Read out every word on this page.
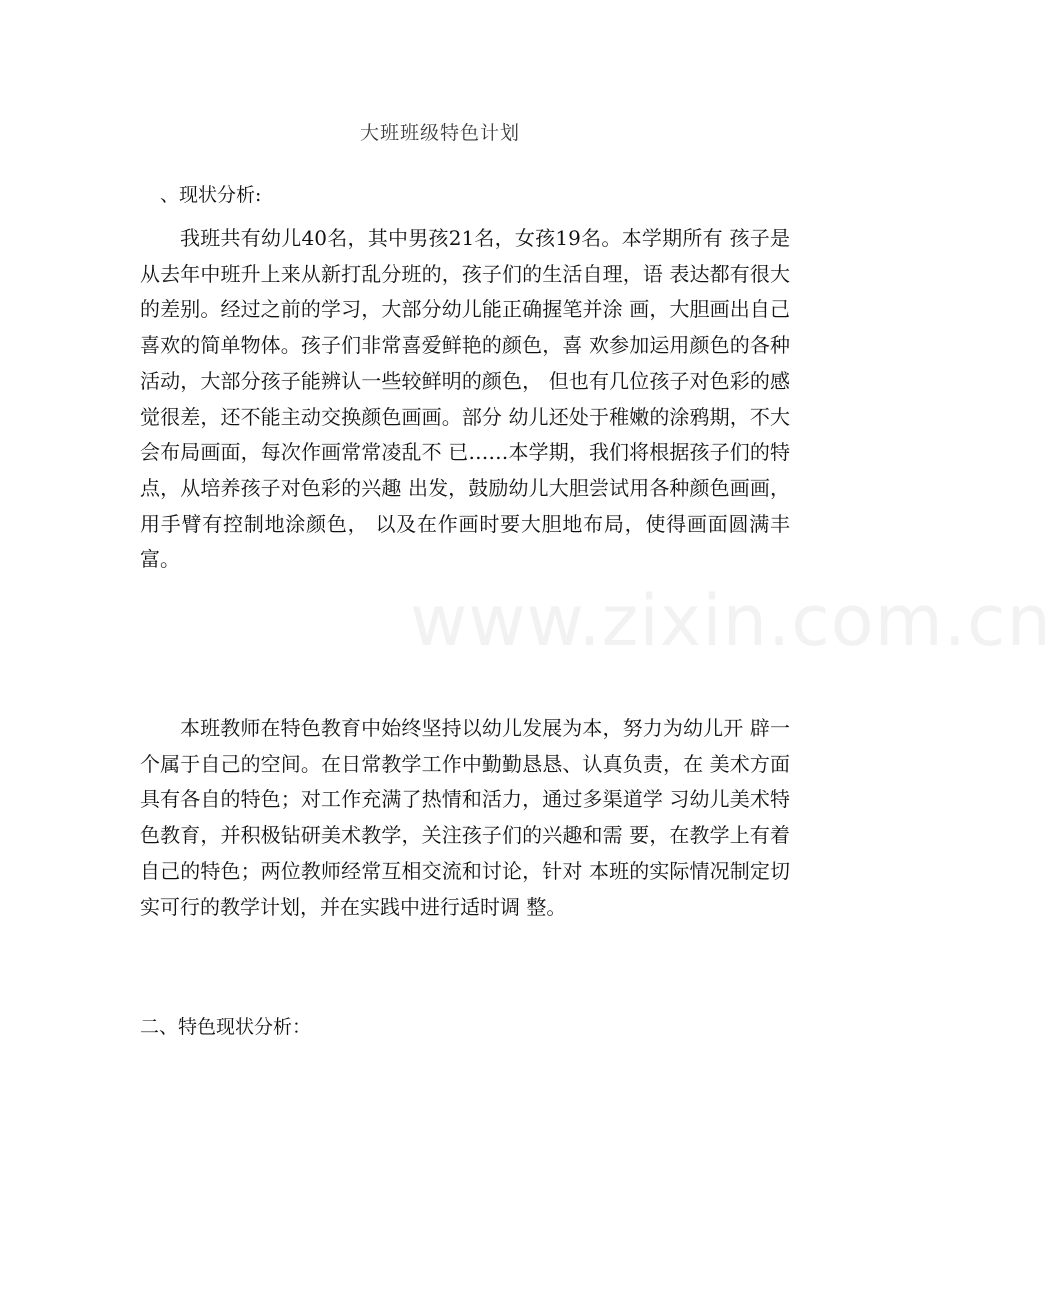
大班班级特色计划
、现状分析:

我班共有幼儿40名，其中男孩21名，女孩19名。本学期所有 孩子是从去年中班升上来从新打乱分班的，孩子们的生活自理，语 表达都有很大的差别。经过之前的学习，大部分幼儿能正确握笔并涂 画，大胆画出自己喜欢的简单物体。孩子们非常喜爱鲜艳的颜色，喜 欢参加运用颜色的各种活动，大部分孩子能辨认一些较鲜明的颜色， 但也有几位孩子对色彩的感觉很差，还不能主动交换颜色画画。部分 幼儿还处于稚嫩的涂鸦期，不大会布局画面，每次作画常常凌乱不 已……本学期，我们将根据孩子们的特点，从培养孩子对色彩的兴趣 出发，鼓励幼儿大胆尝试用各种颜色画画，用手臂有控制地涂颜色， 以及在作画时要大胆地布局，使得画面圆满丰富。

本班教师在特色教育中始终坚持以幼儿发展为本，努力为幼儿开 辟一个属于自己的空间。在日常教学工作中勤勤恳恳、认真负责，在 美术方面具有各自的特色；对工作充满了热情和活力，通过多渠道学 习幼儿美术特色教育，并积极钻研美术教学，关注孩子们的兴趣和需 要，在教学上有着自己的特色；两位教师经常互相交流和讨论，针对 本班的实际情况制定切实可行的教学计划，并在实践中进行适时调 整。

二、特色现状分析：
www.zixin.com.cn
